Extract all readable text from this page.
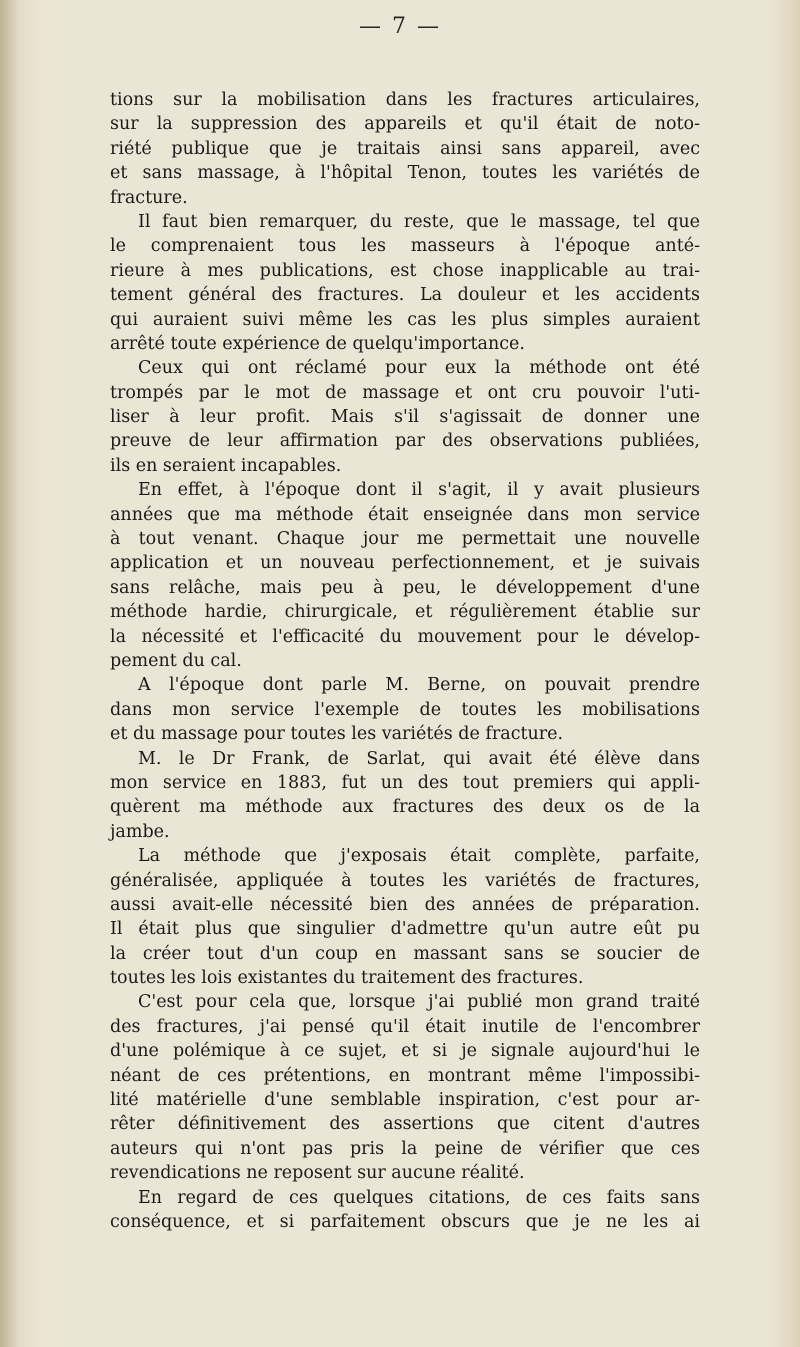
— 7 —
tions sur la mobilisation dans les fractures articulaires,
sur la suppression des appareils et qu'il était de noto-
riété publique que je traitais ainsi sans appareil, avec
et sans massage, à l'hôpital Tenon, toutes les variétés de
fracture.
Il faut bien remarquer, du reste, que le massage, tel que
le comprenaient tous les masseurs à l'époque anté-
rieure à mes publications, est chose inapplicable au trai-
tement général des fractures. La douleur et les accidents
qui auraient suivi même les cas les plus simples auraient
arrêté toute expérience de quelqu'importance.
Ceux qui ont réclamé pour eux la méthode ont été
trompés par le mot de massage et ont cru pouvoir l'uti-
liser à leur profit. Mais s'il s'agissait de donner une
preuve de leur affirmation par des observations publiées,
ils en seraient incapables.
En effet, à l'époque dont il s'agit, il y avait plusieurs
années que ma méthode était enseignée dans mon service
à tout venant. Chaque jour me permettait une nouvelle
application et un nouveau perfectionnement, et je suivais
sans relâche, mais peu à peu, le développement d'une
méthode hardie, chirurgicale, et régulièrement établie sur
la nécessité et l'efficacité du mouvement pour le dévelop-
pement du cal.
A l'époque dont parle M. Berne, on pouvait prendre
dans mon service l'exemple de toutes les mobilisations
et du massage pour toutes les variétés de fracture.
M. le Dr Frank, de Sarlat, qui avait été élève dans
mon service en 1883, fut un des tout premiers qui appli-
quèrent ma méthode aux fractures des deux os de la
jambe.
La méthode que j'exposais était complète, parfaite,
généralisée, appliquée à toutes les variétés de fractures,
aussi avait-elle nécessité bien des années de préparation.
Il était plus que singulier d'admettre qu'un autre eût pu
la créer tout d'un coup en massant sans se soucier de
toutes les lois existantes du traitement des fractures.
C'est pour cela que, lorsque j'ai publié mon grand traité
des fractures, j'ai pensé qu'il était inutile de l'encombrer
d'une polémique à ce sujet, et si je signale aujourd'hui le
néant de ces prétentions, en montrant même l'impossibi-
lité matérielle d'une semblable inspiration, c'est pour ar-
rêter définitivement des assertions que citent d'autres
auteurs qui n'ont pas pris la peine de vérifier que ces
revendications ne reposent sur aucune réalité.
En regard de ces quelques citations, de ces faits sans
conséquence, et si parfaitement obscurs que je ne les ai
